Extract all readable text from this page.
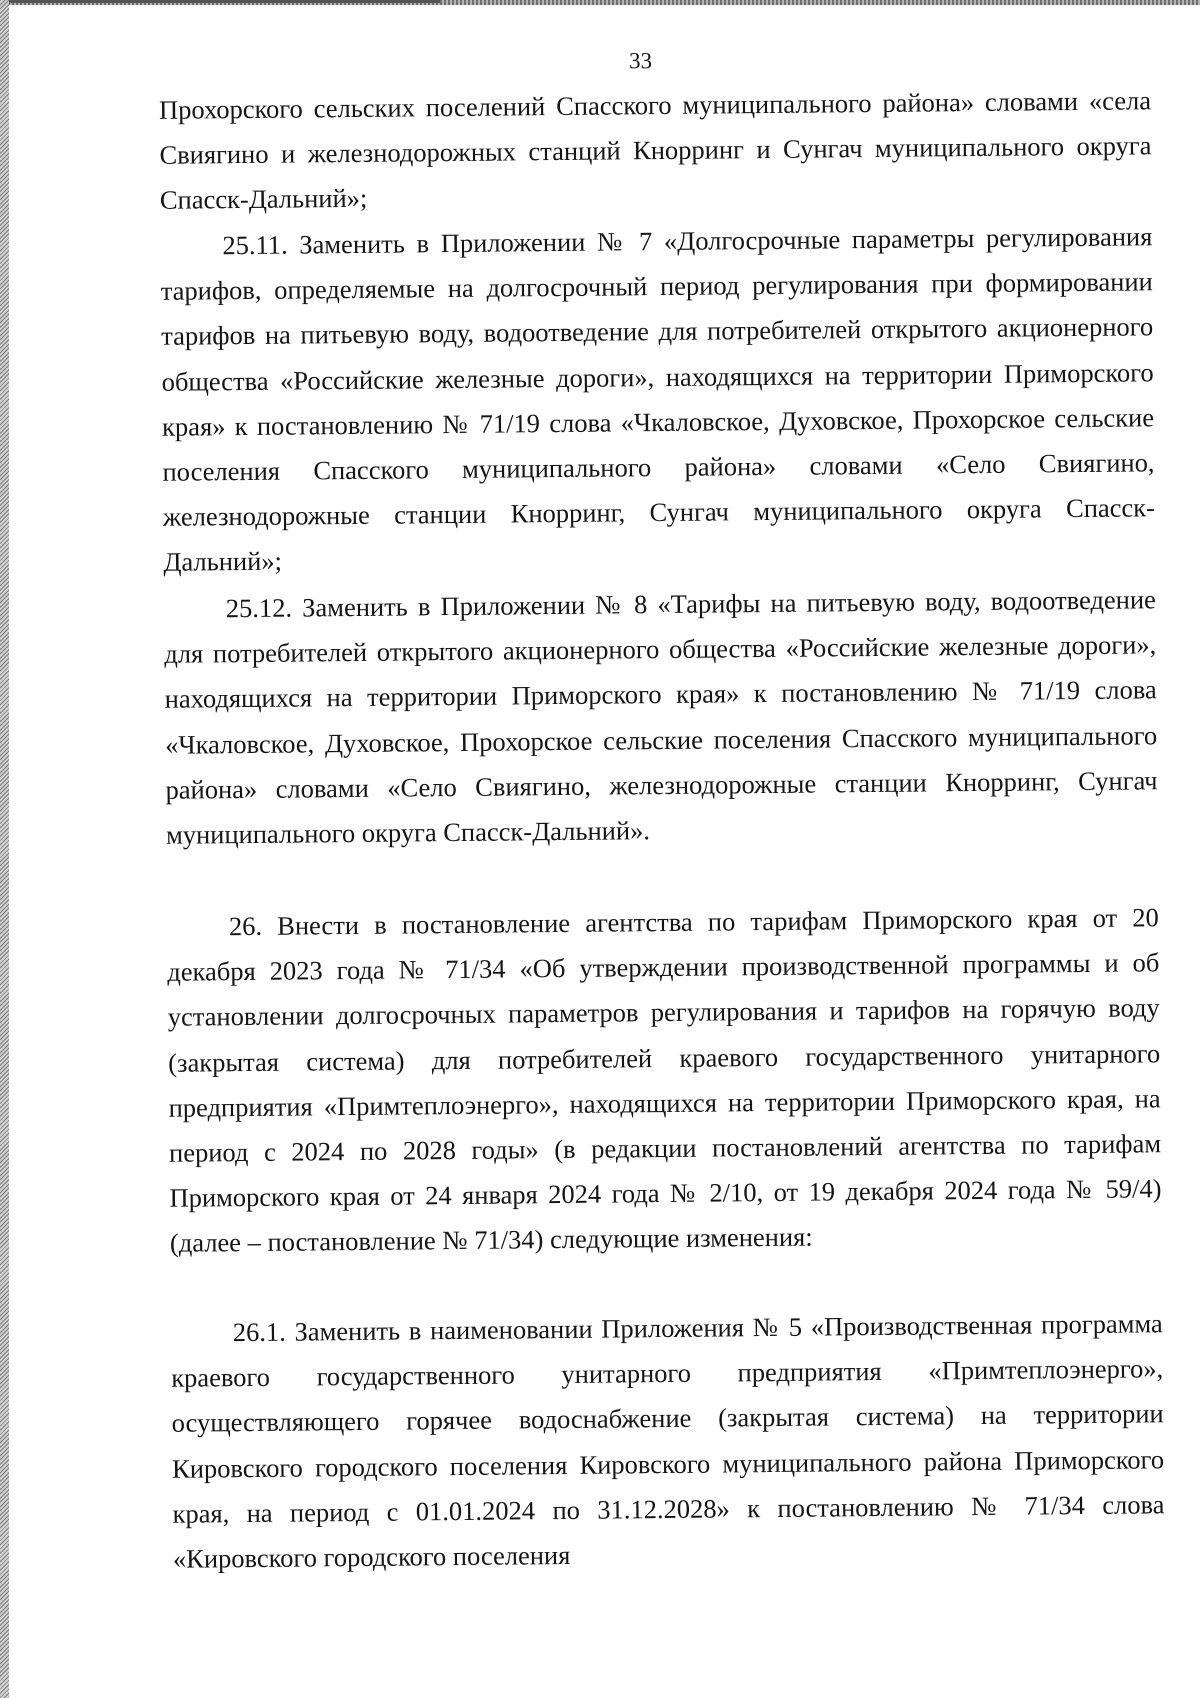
33

Прохорского сельских поселений Спасского муниципального района» словами «села Свиягино и железнодорожных станций Кнорринг и Сунгач муниципального округа Спасск-Дальний»;

25.11. Заменить в Приложении № 7 «Долгосрочные параметры регулирования тарифов, определяемые на долгосрочный период регулирования при формировании тарифов на питьевую воду, водоотведение для потребителей открытого акционерного общества «Российские железные дороги», находящихся на территории Приморского края» к постановлению № 71/19 слова «Чкаловское, Духовское, Прохорское сельские поселения Спасского муниципального района» словами «Село Свиягино, железнодорожные станции Кнорринг, Сунгач муниципального округа Спасск-Дальний»;

25.12. Заменить в Приложении № 8 «Тарифы на питьевую воду, водоотведение для потребителей открытого акционерного общества «Российские железные дороги», находящихся на территории Приморского края» к постановлению № 71/19 слова «Чкаловское, Духовское, Прохорское сельские поселения Спасского муниципального района» словами «Село Свиягино, железнодорожные станции Кнорринг, Сунгач муниципального округа Спасск-Дальний».

26. Внести в постановление агентства по тарифам Приморского края от 20 декабря 2023 года № 71/34 «Об утверждении производственной программы и об установлении долгосрочных параметров регулирования и тарифов на горячую воду (закрытая система) для потребителей краевого государственного унитарного предприятия «Примтеплоэнерго», находящихся на территории Приморского края, на период с 2024 по 2028 годы» (в редакции постановлений агентства по тарифам Приморского края от 24 января 2024 года № 2/10, от 19 декабря 2024 года № 59/4) (далее – постановление № 71/34) следующие изменения:

26.1. Заменить в наименовании Приложения № 5 «Производственная программа краевого государственного унитарного предприятия «Примтеплоэнерго», осуществляющего горячее водоснабжение (закрытая система) на территории Кировского городского поселения Кировского муниципального района Приморского края, на период с 01.01.2024 по 31.12.2028» к постановлению № 71/34 слова «Кировского городского поселения
